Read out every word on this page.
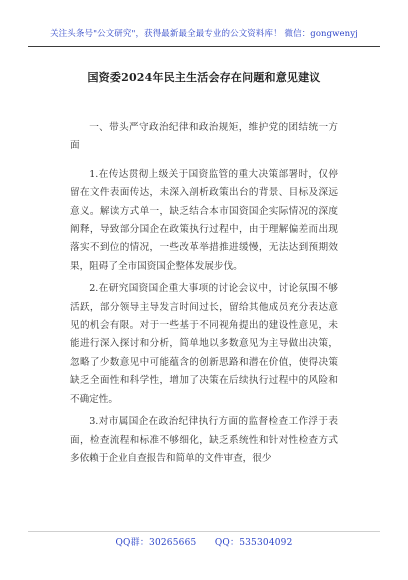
关注头条号"公文研究"，获得最新最全最专业的公文资料库！ 微信：gongwenyj
国资委2024年民主生活会存在问题和意见建议

一、带头严守政治纪律和政治规矩，维护党的团结统一方面

1.在传达贯彻上级关于国资监管的重大决策部署时，仅停留在文件表面传达，未深入剖析政策出台的背景、目标及深远意义。解读方式单一，缺乏结合本市国资国企实际情况的深度阐释，导致部分国企在政策执行过程中，由于理解偏差而出现落实不到位的情况，一些改革举措推进缓慢，无法达到预期效果，阻碍了全市国资国企整体发展步伐。

2.在研究国资国企重大事项的讨论会议中，讨论氛围不够活跃，部分领导主导发言时间过长，留给其他成员充分表达意见的机会有限。对于一些基于不同视角提出的建设性意见，未能进行深入探讨和分析，简单地以多数意见为主导做出决策，忽略了少数意见中可能蕴含的创新思路和潜在价值，使得决策缺乏全面性和科学性，增加了决策在后续执行过程中的风险和不确定性。

3.对市属国企在政治纪律执行方面的监督检查工作浮于表面，检查流程和标准不够细化，缺乏系统性和针对性检查方式多依赖于企业自查报告和简单的文件审查，很少

QQ群：30265665　　QQ：535304092
